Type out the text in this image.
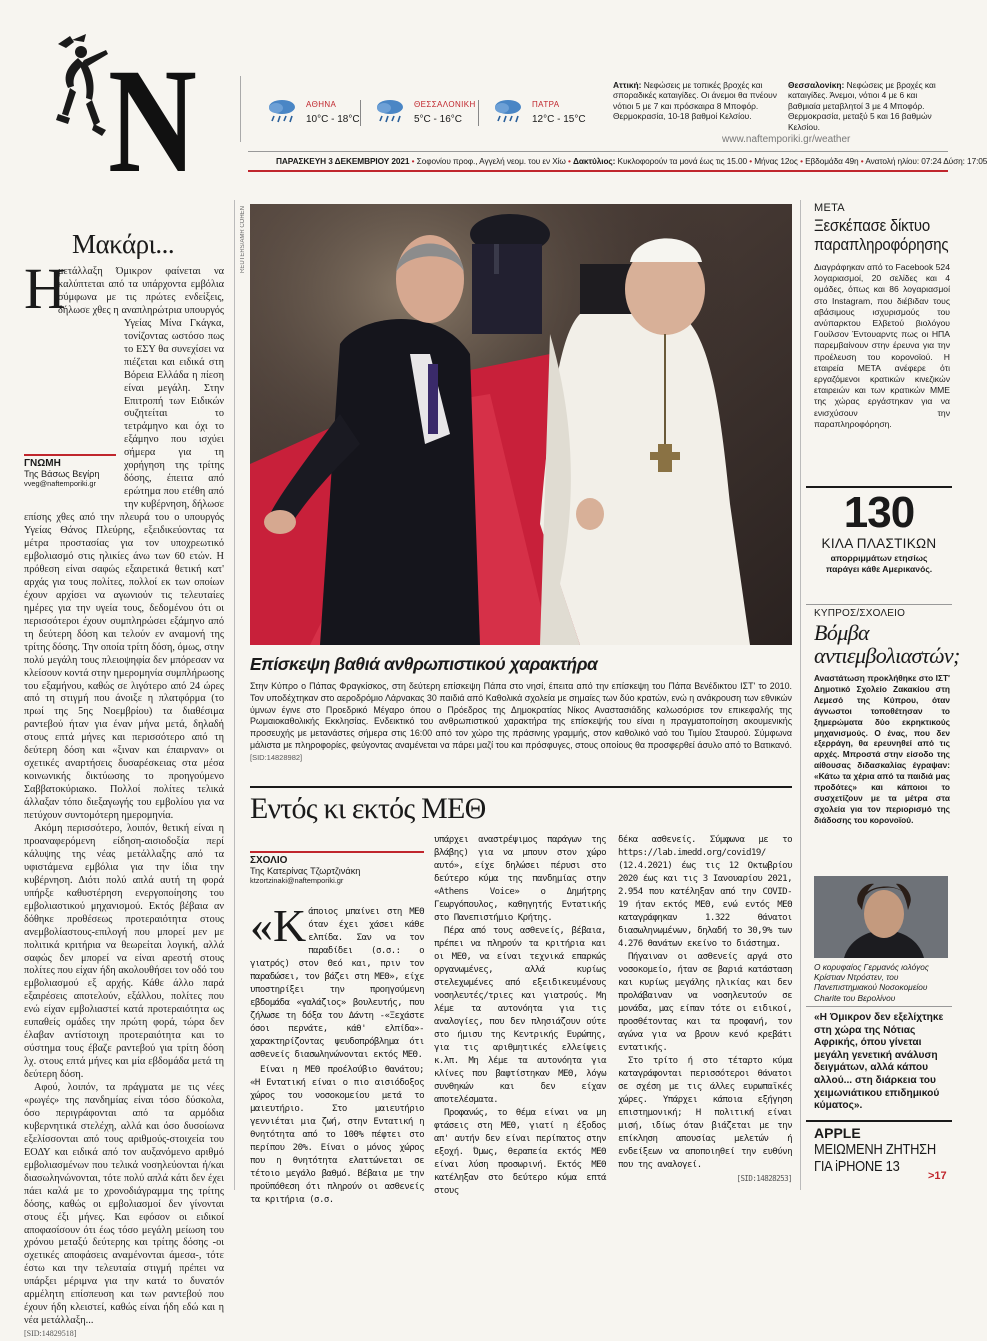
N	ΑΘΗΝΑ
10°C - 18°C
ΘΕΣΣΑΛΟΝΙΚΗ
5°C - 16°C
ΠΑΤΡΑ
12°C - 15°C
Αττική: Νεφώσεις με τοπικές βροχές και σποραδικές καταιγίδες. Οι άνεμοι θα πνέουν νότιοι 5 με 7 και πρόσκαιρα 8 Μποφόρ. Θερμοκρασία, 10-18 βαθμοί Κελσίου.
Θεσσαλονίκη: Νεφώσεις με βροχές και καταιγίδες. Άνεμοι, νότιοι 4 με 6 και βαθμιαία μεταβλητοί 3 με 4 Μποφόρ. Θερμοκρασία, μεταξύ 5 και 16 βαθμών Κελσίου.
www.naftemporiki.gr/weather
ΠΑΡΑΣΚΕΥΗ 3 ΔΕΚΕΜΒΡΙΟΥ 2021 • Σοφονίου προφ., Αγγελή νεομ. του εν Χίω • Δακτύλιος: Κυκλοφορούν τα μονά έως τις 15.00 • Μήνας 12ος • Εβδομάδα 49η • Ανατολή ηλίου: 07:24 Δύση: 17:05
Μακάρι...
Η
ΓΝΩΜΗ
Της Βάσως Βεγίρη
vveg@naftemporiki.gr
μετάλλαξη Όμικρον φαίνεται να καλύπτεται από τα υπάρχοντα εμβόλια σύμφωνα με τις πρώτες ενδείξεις, δήλωσε χθες η αναπληρώτρια υπουργός Υγείας Μίνα Γκάγκα, τονίζοντας ωστόσο πως το ΕΣΥ θα συνεχίσει να πιέζεται και ειδικά στη Βόρεια Ελλάδα η πίεση είναι μεγάλη. Στην Επιτροπή των Ειδικών συζητείται το τετράμηνο και όχι το εξάμηνο που ισχύει σήμερα για τη χορήγηση της τρίτης δόσης, έπειτα από ερώτημα που ετέθη από την κυβέρνηση, δήλωσε επίσης χθες από την πλευρά του ο υπουργός Υγείας Θάνος Πλεύρης, εξειδικεύοντας τα μέτρα προστασίας για τον υποχρεωτικό εμβολιασμό στις ηλικίες άνω των 60 ετών. Η πρόθεση είναι σαφώς εξαιρετικά θετική κατ' αρχάς για τους πολίτες, πολλοί εκ των οποίων έχουν αρχίσει να αγωνιούν τις τελευταίες ημέρες για την υγεία τους, δεδομένου ότι οι περισσότεροι έχουν συμπληρώσει εξάμηνο από τη δεύτερη δόση και τελούν εν αναμονή της τρίτης δόσης. Την οποία τρίτη δόση, όμως, στην πολύ μεγάλη τους πλειοψηφία δεν μπόρεσαν να κλείσουν κοντά στην ημερομηνία συμπλήρωσης του εξαμήνου, καθώς σε λιγότερο από 24 ώρες από τη στιγμή που άνοιξε η πλατφόρμα (το πρωί της 5ης Νοεμβρίου) τα διαθέσιμα ραντεβού ήταν για έναν μήνα μετά, δηλαδή στους επτά μήνες και περισσότερο από τη δεύτερη δόση και «ξιναν και έπαιρναν» οι σχετικές αναρτήσεις δυσαρέσκειας στα μέσα κοινωνικής δικτύωσης το προηγούμενο Σαββατοκύριακο. Πολλοί πολίτες τελικά άλλαξαν τόπο διεξαγωγής του εμβολίου για να πετύχουν συντομότερη ημερομηνία.
Ακόμη περισσότερο, λοιπόν, θετική είναι η προαναφερόμενη είδηση-αισιοδοξία περί κάλυψης της νέας μετάλλαξης από τα υφιστάμενα εμβόλια για την ίδια την κυβέρνηση. Διότι πολύ απλά αυτή τη φορά υπήρξε καθυστέρηση ενεργοποίησης του εμβολιαστικού μηχανισμού. Εκτός βέβαια αν δόθηκε προθέσεως προτεραιότητα στους ανεμβολίαστους-επιλογή που μπορεί μεν με πολιτικά κριτήρια να θεωρείται λογική, αλλά σαφώς δεν μπορεί να είναι αρεστή στους πολίτες που είχαν ήδη ακολουθήσει τον οδό του εμβολιασμού εξ αρχής. Κάθε άλλο παρά εξαιρέσεις αποτελούν, εξάλλου, πολίτες που ενώ είχαν εμβολιαστεί κατά προτεραιότητα ως ευπαθείς ομάδες την πρώτη φορά, τώρα δεν έλαβαν αντίστοιχη προτεραιότητα και το σύστημα τους έβαζε ραντεβού για τρίτη δόση λχ. στους επτά μήνες και μία εβδομάδα μετά τη δεύτερη δόση.
Αφού, λοιπόν, τα πράγματα με τις νέες «ρωγές» της πανδημίας είναι τόσο δύσκολα, όσο περιγράφονται από τα αρμόδια κυβερνητικά στελέχη, αλλά και όσο δυσοίωνα εξελίσσονται από τους αριθμούς-στοιχεία του ΕΟΔΥ και ειδικά από τον αυξανόμενο αριθμό εμβολιασμένων που τελικά νοσηλεύονται ή/και διασωληνώνονται, τότε πολύ απλά κάτι δεν έχει πάει καλά με το χρονοδιάγραμμα της τρίτης δόσης, καθώς οι εμβολιασμοί δεν γίνονται στους έξι μήνες. Και εφόσον οι ειδικοί αποφασίσουν ότι έως τόσο μεγάλη μείωση του χρόνου μεταξύ δεύτερης και τρίτης δόσης -οι σχετικές αποφάσεις αναμένονται άμεσα-, τότε έστω και την τελευταία στιγμή πρέπει να υπάρξει μέριμνα για την κατά το δυνατόν αρμέλητη επίσπευση και των ραντεβού που έχουν ήδη κλειστεί, καθώς είναι ήδη εδώ και η νέα μετάλλαξη...
[SID:14829518]
REUTERS/AMR COHEN
Επίσκεψη βαθιά ανθρωπιστικού χαρακτήρα
Στην Κύπρο ο Πάπας Φραγκίσκος, στη δεύτερη επίσκεψη Πάπα στο νησί, έπειτα από την επίσκεψη του Πάπα Βενέδικτου ΙΣΤ' το 2010. Τον υποδέχτηκαν στο αεροδρόμιο Λάρνακας 30 παιδιά από Καθολικά σχολεία με σημαίες των δύο κρατών, ενώ η ανάκρουση των εθνικών ύμνων έγινε στο Προεδρικό Μέγαρο όπου ο Πρόεδρος της Δημοκρατίας Νίκος Αναστασιάδης καλωσόρισε τον επικεφαλής της Ρωμαιοκαθολικής Εκκλησίας. Ενδεικτικό του ανθρωπιστικού χαρακτήρα της επίσκεψής του είναι η πραγματοποίηση ακουμενικής προσευχής με μετανάστες σήμερα στις 16:00 από τον χώρο της πράσινης γραμμής, στον καθολικό ναό του Τιμίου Σταυρού. Σύμφωνα μάλιστα με πληροφορίες, φεύγοντας αναμένεται να πάρει μαζί του και πρόσφυγες, στους οποίους θα προσφερθεί άσυλο από το Βατικανό. [SID:14828982]
Εντός κι εκτός ΜΕΘ
ΣΧΟΛΙΟ
Της Κατερίνας Τζωρτζινάκη
ktzortzinaki@naftemporiki.gr
«Κ άποιος μπαίνει στη ΜΕΘ όταν έχει χάσει κάθε ελπίδα. Σαν να τον παραδίδει (σ.σ.: ο γιατρός) στον Θεό και, πριν τον παραδώσει, τον βάζει στη ΜΕΘ», είχε υποστηρίξει την προηγούμενη εβδομάδα «γαλάζιος» βουλευτής, που ζήλωσε τη δόξα του Δάντη -«Ξεχάστε όσοι περνάτε, κάθ' ελπίδα»- χαρακτηρίζοντας ψευδοπρόβλημα ότι ασθενείς διασωληνώνονται εκτός ΜΕΘ.
Είναι η ΜΕΘ προέλούβιο θανάτου; «Η Εντατική είναι ο πιο αισιόδοξος χώρος του νοσοκομείου μετά το μαιευτήριο. Στο μαιευτήριο γεννιέται μια ζωή, στην Εντατική η θνητότητα από το 100% πέφτει στο περίπου 20%. Είναι ο μόνος χώρος που η θνητότητα ελαττώνεται σε τέτοιο μεγάλο βαθμό. Βέβαια με την προϋπόθεση ότι πληρούν οι ασθενείς τα κριτήρια (σ.σ.
υπάρχει αναστρέψιμος παράγων της βλάβης) για να μπουν στον χώρο αυτό», είχε δηλώσει πέρυσι στο δεύτερο κύμα της πανδημίας στην «Athens Voice» ο Δημήτρης Γεωργόπουλος, καθηγητής Εντατικής στο Πανεπιστήμιο Κρήτης.
Πέρα από τους ασθενείς, βέβαια, πρέπει να πληρούν τα κριτήρια και οι ΜΕΘ, να είναι τεχνικά επαρκώς οργανωμένες, αλλά κυρίως στελεχωμένες από εξειδικευμένους νοσηλευτές/τριες και γιατρούς. Μη λέμε τα αυτονόητα για τις αναλογίες, που δεν πλησιάζουν ούτε στο ήμισυ της Κεντρικής Ευρώπης, για τις αριθμητικές ελλείψεις κ.λπ. Μη λέμε τα αυτονόητα για κλίνες που βαφτίστηκαν ΜΕΘ, λόγω συνθηκών και δεν είχαν αποτελέσματα.
Προφανώς, το θέμα είναι να μη φτάσεις στη ΜΕΘ, γιατί η έξοδος απ' αυτήν δεν είναι περίπατος στην εξοχή. Όμως, θεραπεία εκτός ΜΕΘ είναι λύση προσωρινή. Εκτός ΜΕΘ κατέληξαν στο δεύτερο κύμα επτά στους
δέκα ασθενείς. Σύμφωνα με το https://lab.imedd.org/covid19/ (12.4.2021) έως τις 12 Οκτωβρίου 2020 έως και τις 3 Ιανουαρίου 2021, 2.954 που κατέληξαν από την COVID-19 ήταν εκτός ΜΕΘ, ενώ εντός ΜΕΘ καταγράφηκαν 1.322 θάνατοι διασωληνωμένων, δηλαδή το 30,9% των 4.276 θανάτων εκείνο το διάστημα.
Πήγαιναν οι ασθενείς αργά στο νοσοκομείο, ήταν σε βαριά κατάσταση και κυρίως μεγάλης ηλικίας και δεν προλάβαιναν να νοσηλευτούν σε μονάδα, μας είπαν τότε οι ειδικοί, προσθέτοντας και τα προφανή, τον αγώνα για να βρουν κενό κρεβάτι εντατικής.
Στο τρίτο ή στο τέταρτο κύμα καταγράφονται περισσότεροι θάνατοι σε σχέση με τις άλλες ευρωπαϊκές χώρες. Υπάρχει κάποια εξήγηση επιστημονική; Η πολιτική είναι μισή, ιδίως όταν βιάζεται με την επίκληση απουσίας μελετών ή ενδείξεων να αποποιηθεί την ευθύνη που της αναλογεί.
[SID:14828253]
META
Ξεσκέπασε δίκτυο παραπληροφόρησης
Διαγράφηκαν από το Facebook 524 λογαριασμοί, 20 σελίδες και 4 ομάδες, όπως και 86 λογαριασμοί στο Instagram, που διέβιδαν τους αβάσιμους ισχυρισμούς του ανύπαρκτου Ελβετού βιολόγου Γουίλσον Έντουαρντς πως οι ΗΠΑ παρεμβαίνουν στην έρευνα για την προέλευση του κορονοϊού. Η εταιρεία ΜΕΤΑ ανέφερε ότι εργαζόμενοι κρατικών κινεζικών εταιρειών και των κρατικών ΜΜΕ της χώρας εργάστηκαν για να ενισχύσουν την παραπληροφόρηση.
130
ΚΙΛΑ ΠΛΑΣΤΙΚΩΝ
απορριμμάτων ετησίως παράγει κάθε Αμερικανός.
ΚΥΠΡΟΣ/ΣΧΟΛΕΙΟ
Βόμβα αντιεμβολιαστών;
Αναστάτωση προκλήθηκε στο ΙΣΤ' Δημοτικό Σχολείο Ζακακίου στη Λεμεσό της Κύπρου, όταν άγνωστοι τοποθέτησαν το ξημερώματα δύο εκρηκτικούς μηχανισμούς. Ο ένας, που δεν εξερράγη, θα ερευνηθεί από τις αρχές. Μπροστά στην είσοδο της αίθουσας διδασκαλίας έγραψαν: «Κάτω τα χέρια από τα παιδιά μας προδότες» και κάποιοι το συσχετίζουν με τα μέτρα στα σχολεία για τον περιορισμό της διάδοσης του κορονοϊού.
Ο κορυφαίος Γερμανός ιολόγος Κρίστιαν Ντρόστεν, του Πανεπιστημιακού Νοσοκομείου Charite του Βερολίνου
«Η Όμικρον δεν εξελίχτηκε στη χώρα της Νότιας Αφρικής, όπου γίνεται μεγάλη γενετική ανάλυση δειγμάτων, αλλά κάπου αλλού... στη διάρκεια του χειμωνιάτικου επιδημικού κύματος».
APPLE
ΜΕΙΩΜΕΝΗ ΖΗΤΗΣΗ ΓΙΑ iPHONE 13
>17
